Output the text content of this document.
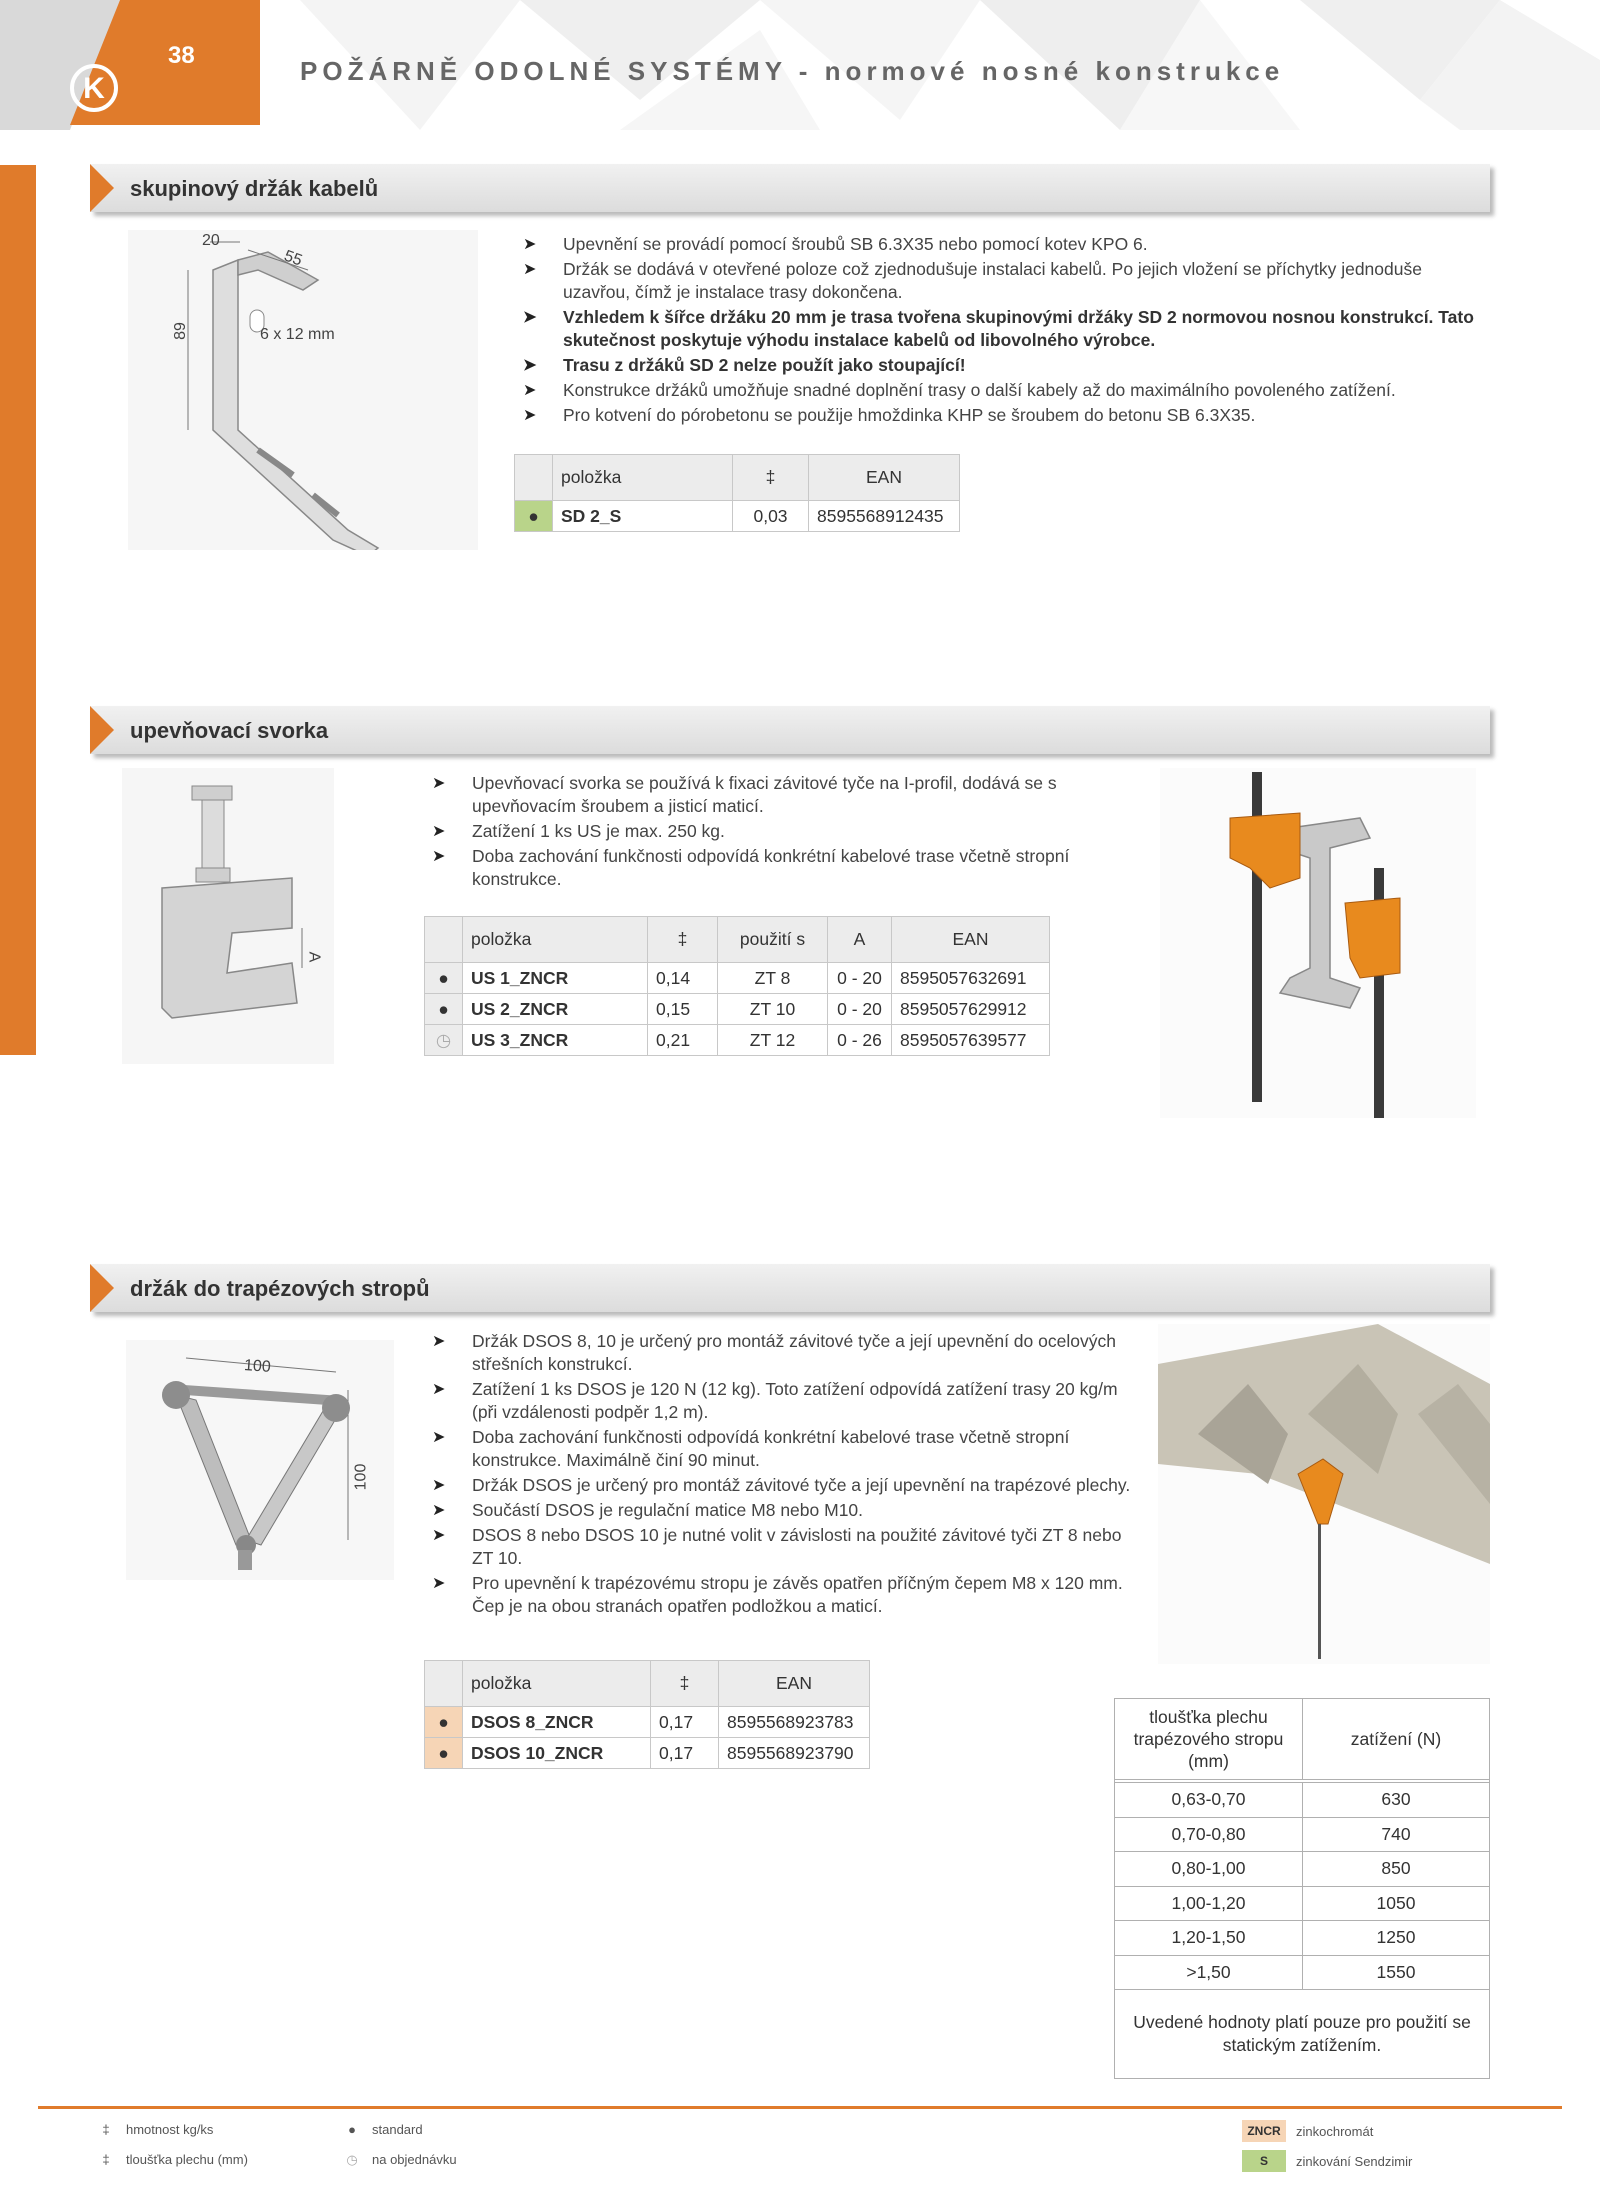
K
38
POŽÁRNĚ ODOLNÉ SYSTÉMY - normové nosné konstrukce
skupinový držák kabelů
20
55
89	6 x 12 mm
➤ Upevnění se provádí pomocí šroubů SB 6.3X35 nebo pomocí kotev KPO 6.
➤ Držák se dodává v otevřené poloze což zjednodušuje instalaci kabelů. Po jejich vložení se příchytky jednoduše uzavřou, čímž je instalace trasy dokončena.
➤ Vzhledem k šířce držáku 20 mm je trasa tvořena skupinovými držáky SD 2 normovou nosnou konstrukcí. Tato skutečnost poskytuje výhodu instalace kabelů od libovolného výrobce.
➤ Trasu z držáků SD 2 nelze použít jako stoupající!
➤ Konstrukce držáků umožňuje snadné doplnění trasy o další kabely až do maximálního povoleného zatížení.
➤ Pro kotvení do pórobetonu se použije hmoždinka KHP se šroubem do betonu SB 6.3X35.
	položka	‡	EAN
●	SD 2_S	0,03	8595568912435
upevňovací svorka
A
➤ Upevňovací svorka se používá k fixaci závitové tyče na I-profil, dodává se s upevňovacím šroubem a jisticí maticí.
➤ Zatížení 1 ks US je max. 250 kg.
➤ Doba zachování funkčnosti odpovídá konkrétní kabelové trase včetně stropní konstrukce.
	položka	‡	použití s	A	EAN
●	US 1_ZNCR	0,14	ZT 8	0 - 20	8595057632691
●	US 2_ZNCR	0,15	ZT 10	0 - 20	8595057629912
◷	US 3_ZNCR	0,21	ZT 12	0 - 26	8595057639577
držák do trapézových stropů
100
100
➤ Držák DSOS 8, 10 je určený pro montáž závitové tyče a její upevnění do ocelových střešních konstrukcí.
➤ Zatížení 1 ks DSOS je 120 N (12 kg). Toto zatížení odpovídá zatížení trasy 20 kg/m (při vzdálenosti podpěr 1,2 m).
➤ Doba zachování funkčnosti odpovídá konkrétní kabelové trase včetně stropní konstrukce. Maximálně činí 90 minut.
➤ Držák DSOS je určený pro montáž závitové tyče a její upevnění na trapézové plechy.
➤ Součástí DSOS je regulační matice M8 nebo M10.
➤ DSOS 8 nebo DSOS 10 je nutné volit v závislosti na použité závitové tyči ZT 8 nebo ZT 10.
➤ Pro upevnění k trapézovému stropu je závěs opatřen příčným čepem M8 x 120 mm. Čep je na obou stranách opatřen podložkou a maticí.
	položka	‡	EAN
●	DSOS 8_ZNCR	0,17	8595568923783
●	DSOS 10_ZNCR	0,17	8595568923790
tloušťka plechu trapézového stropu (mm)
zatížení (N)
0,63-0,70	630
0,70-0,80	740
0,80-1,00	850
1,00-1,20	1050
1,20-1,50	1250
>1,50	1550
Uvedené hodnoty platí pouze pro použití se statickým zatížením.
‡	hmotnost kg/ks
‡	tloušťka plechu (mm)
●	standard
◷	na objednávku
ZNCR	zinkochromát
S	zinkování Sendzimir
